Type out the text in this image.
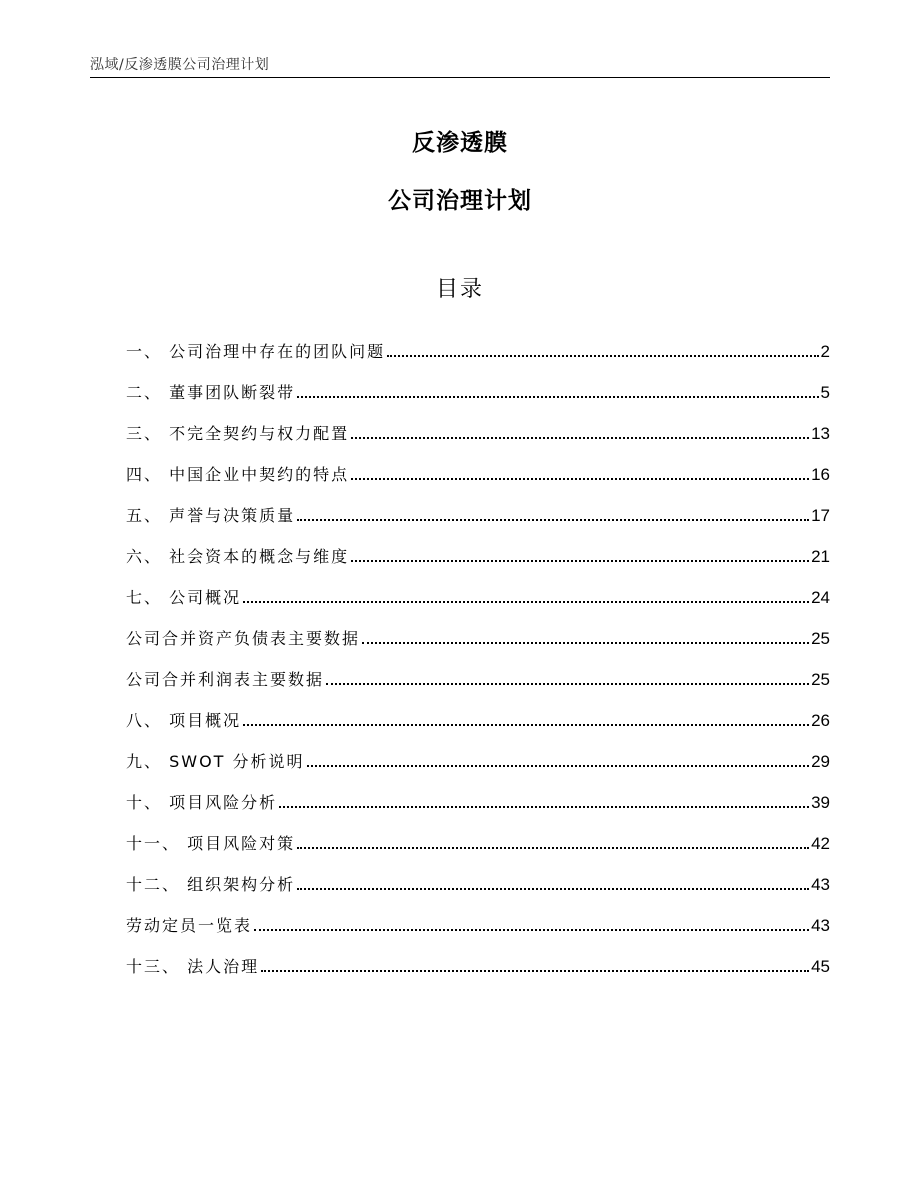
泓域/反渗透膜公司治理计划
反渗透膜
公司治理计划
目录
一、 公司治理中存在的团队问题	2
二、 董事团队断裂带	5
三、 不完全契约与权力配置	13
四、 中国企业中契约的特点	16
五、 声誉与决策质量	17
六、 社会资本的概念与维度	21
七、 公司概况	24
公司合并资产负债表主要数据	25
公司合并利润表主要数据	25
八、 项目概况	26
九、 SWOT 分析说明	29
十、 项目风险分析	39
十一、 项目风险对策	42
十二、 组织架构分析	43
劳动定员一览表	43
十三、 法人治理	45
